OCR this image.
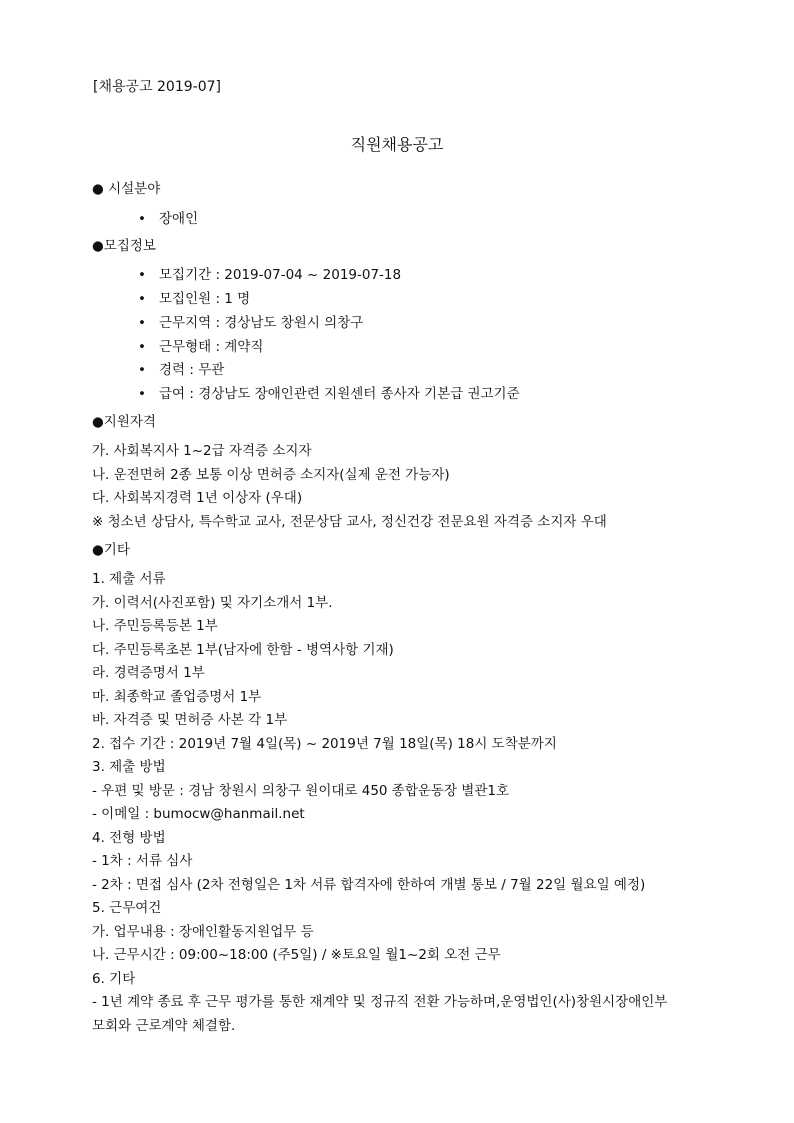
[채용공고 2019-07]
직원채용공고
● 시설분야
• 장애인
●모집정보
• 모집기간 : 2019-07-04 ~ 2019-07-18
• 모집인원 : 1 명
• 근무지역 : 경상남도 창원시 의창구
• 근무형태 : 계약직
• 경력 : 무관
• 급여 : 경상남도 장애인관련 지원센터 종사자 기본급 권고기준
●지원자격
가. 사회복지사 1~2급 자격증 소지자
나. 운전면허 2종 보통 이상 면허증 소지자(실제 운전 가능자)
다. 사회복지경력 1년 이상자 (우대)
※ 청소년 상담사, 특수학교 교사, 전문상담 교사, 정신건강 전문요원 자격증 소지자 우대
●기타
1. 제출 서류
가. 이력서(사진포함) 및 자기소개서 1부.
나. 주민등록등본 1부
다. 주민등록초본 1부(남자에 한함 - 병역사항 기재)
라. 경력증명서 1부
마. 최종학교 졸업증명서 1부
바. 자격증 및 면허증 사본 각 1부
2. 접수 기간 : 2019년 7월 4일(목) ~ 2019년 7월 18일(목) 18시 도착분까지
3. 제출 방법
- 우편 및 방문 : 경남 창원시 의창구 원이대로 450 종합운동장 별관1호
- 이메일 : bumocw@hanmail.net
4. 전형 방법
- 1차 : 서류 심사
- 2차 : 면접 심사 (2차 전형일은 1차 서류 합격자에 한하여 개별 통보 / 7월 22일 월요일 예정)
5. 근무여건
가. 업무내용 : 장애인활동지원업무 등
나. 근무시간 : 09:00~18:00 (주5일) / ※토요일 월1~2회 오전 근무
6. 기타
- 1년 계약 종료 후 근무 평가를 통한 재계약 및 정규직 전환 가능하며,운영법인(사)창원시장애인부
모회와 근로계약 체결함.
